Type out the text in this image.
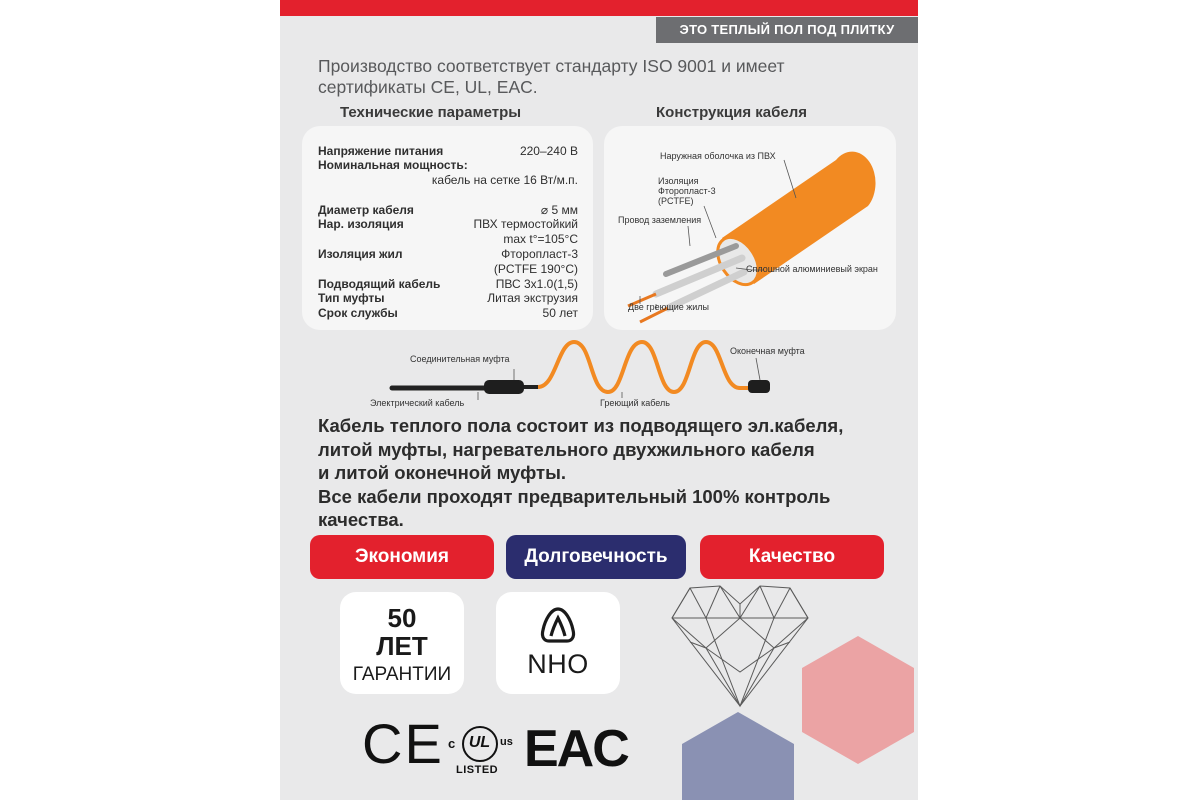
ЭТО ТЕПЛЫЙ ПОЛ ПОД ПЛИТКУ
Производство соответствует стандарту ISO 9001 и имеет сертификаты CE, UL, EAC.
Технические параметры
Напряжение питания	220–240 В
Номинальная мощность:
кабель на сетке 16 Вт/м.п.
Диаметр кабеля	⌀ 5 мм
Нар. изоляция	ПВХ термостойкий
max t°=105°C
Изоляция жил	Фторопласт-3
(PCTFE 190°C)
Подводящий кабель	ПВС 3х1.0(1,5)
Тип муфты	Литая экструзия
Срок службы	50 лет
Конструкция кабеля
Наружная оболочка из ПВХ
Изоляция
Фторопласт-3
(PCTFE)
Провод заземления
Сплошной алюминиевый экран
Две греющие жилы
Соединительная муфта
Электрический кабель	Греющий кабель
Оконечная муфта
Кабель теплого пола состоит из подводящего эл.кабеля,
литой муфты, нагревательного двухжильного кабеля
и литой оконечной муфты.
Все кабели проходят предварительный 100% контроль
качества.
Экономия	Долговечность	Качество
50
ЛЕТ
ГАРАНТИИ	NHO
CE c UL us
LISTED EAC
